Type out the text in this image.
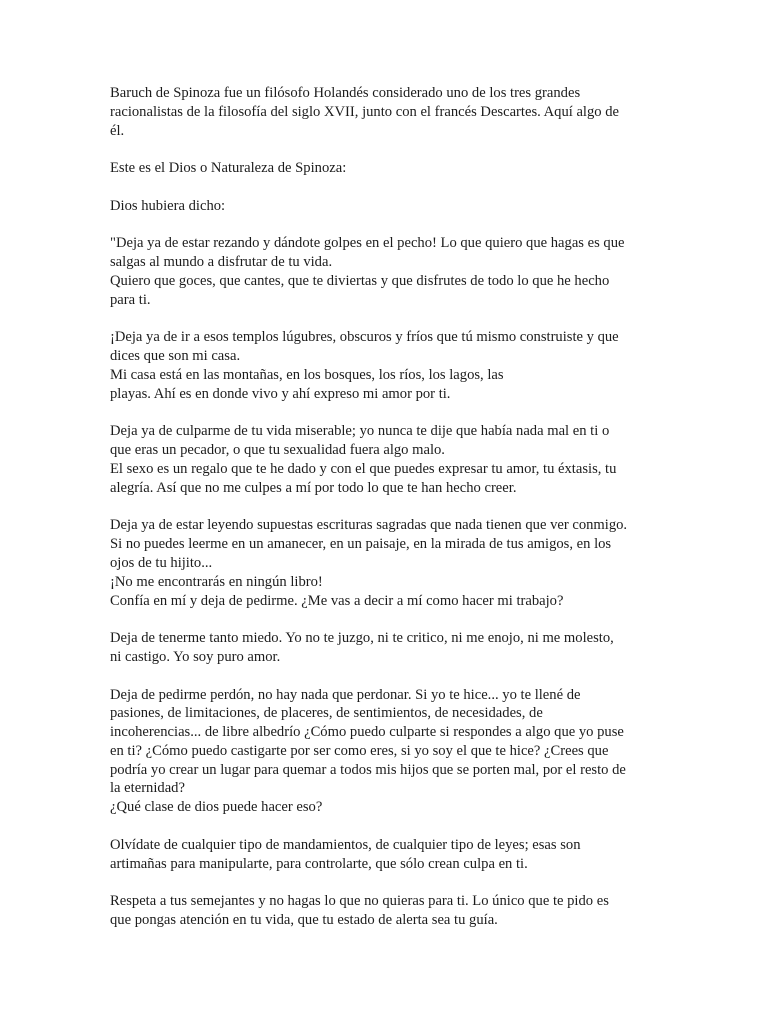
Baruch de Spinoza fue un filósofo Holandés considerado uno de los tres grandes
racionalistas de la filosofía del siglo XVII, junto con el francés Descartes. Aquí algo de
él.

Este es el Dios o Naturaleza de Spinoza:

Dios hubiera dicho:

"Deja ya de estar rezando y dándote golpes en el pecho! Lo que quiero que hagas es que
salgas al mundo a disfrutar de tu vida.
Quiero que goces, que cantes, que te diviertas y que disfrutes de todo lo que he hecho
para ti.

¡Deja ya de ir a esos templos lúgubres, obscuros y fríos que tú mismo construiste y que
dices que son mi casa.
Mi casa está en las montañas, en los bosques, los ríos, los lagos, las
playas. Ahí es en donde vivo y ahí expreso mi amor por ti.

Deja ya de culparme de tu vida miserable; yo nunca te dije que había nada mal en ti o
que eras un pecador, o que tu sexualidad fuera algo malo.
El sexo es un regalo que te he dado y con el que puedes expresar tu amor, tu éxtasis, tu
alegría. Así que no me culpes a mí por todo lo que te han hecho creer.

Deja ya de estar leyendo supuestas escrituras sagradas que nada tienen que ver conmigo.
Si no puedes leerme en un amanecer, en un paisaje, en la mirada de tus amigos, en los
ojos de tu hijito...
¡No me encontrarás en ningún libro!
Confía en mí y deja de pedirme. ¿Me vas a decir a mí como hacer mi trabajo?

Deja de tenerme tanto miedo. Yo no te juzgo, ni te critico, ni me enojo, ni me molesto,
ni castigo. Yo soy puro amor.

Deja de pedirme perdón, no hay nada que perdonar. Si yo te hice... yo te llené de
pasiones, de limitaciones, de placeres, de sentimientos, de necesidades, de
incoherencias... de libre albedrío ¿Cómo puedo culparte si respondes a algo que yo puse
en ti? ¿Cómo puedo castigarte por ser como eres, si yo soy el que te hice? ¿Crees que
podría yo crear un lugar para quemar a todos mis hijos que se porten mal, por el resto de
la eternidad?
¿Qué clase de dios puede hacer eso?

Olvídate de cualquier tipo de mandamientos, de cualquier tipo de leyes; esas son
artimañas para manipularte, para controlarte, que sólo crean culpa en ti.

Respeta a tus semejantes y no hagas lo que no quieras para ti. Lo único que te pido es
que pongas atención en tu vida, que tu estado de alerta sea tu guía.
